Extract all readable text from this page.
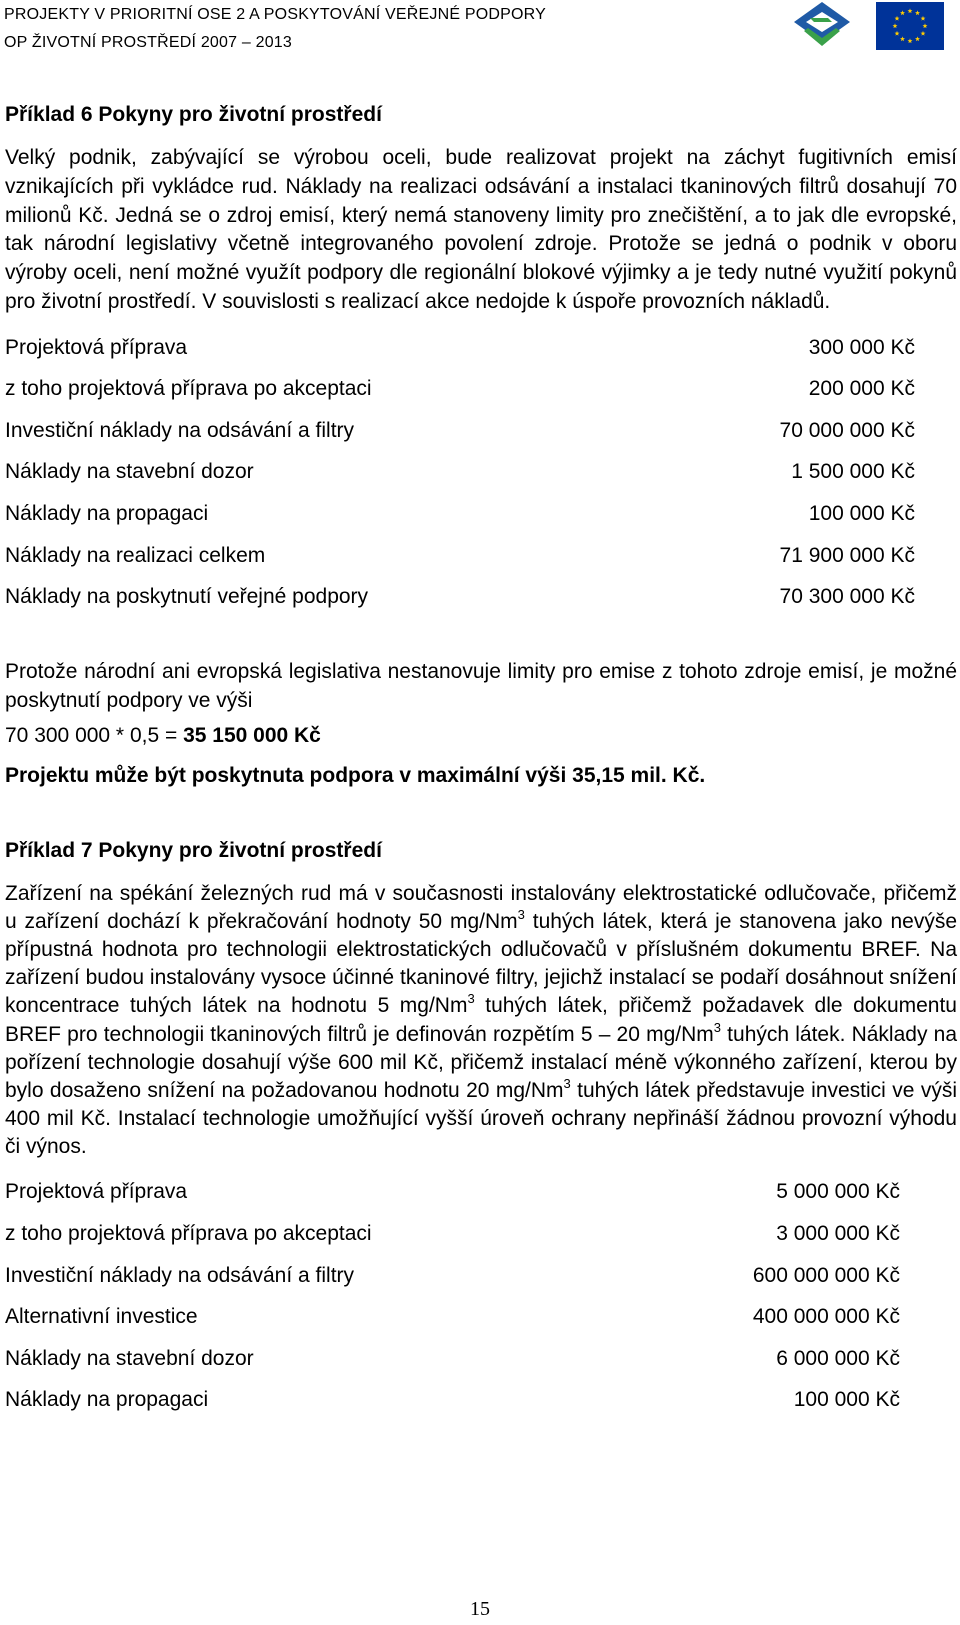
PROJEKTY V PRIORITNÍ OSE 2 A POSKYTOVÁNÍ VEŘEJNÉ PODPORY
OP ŽIVOTNÍ PROSTŘEDÍ 2007 – 2013
Příklad 6 Pokyny pro životní prostředí

Velký podnik, zabývající se výrobou oceli, bude realizovat projekt na záchyt fugitivních emisí vznikajících při vykládce rud. Náklady na realizaci odsávání a instalaci tkaninových filtrů dosahují 70 milionů Kč. Jedná se o zdroj emisí, který nemá stanoveny limity pro znečištění, a to jak dle evropské, tak národní legislativy včetně integrovaného povolení zdroje. Protože se jedná o podnik v oboru výroby oceli, není možné využít podpory dle regionální blokové výjimky a je tedy nutné využití pokynů pro životní prostředí. V souvislosti s realizací akce nedojde k úspoře provozních nákladů.

Projektová příprava	300 000 Kč
z toho projektová příprava po akceptaci	200 000 Kč
Investiční náklady na odsávání a filtry	70 000 000 Kč
Náklady na stavební dozor	1 500 000 Kč
Náklady na propagaci	100 000 Kč
Náklady na realizaci celkem	71 900 000 Kč
Náklady na poskytnutí veřejné podpory	70 300 000 Kč

Protože národní ani evropská legislativa nestanovuje limity pro emise z tohoto zdroje emisí, je možné poskytnutí podpory ve výši

70 300 000 * 0,5 = 35 150 000 Kč

Projektu může být poskytnuta podpora v maximální výši 35,15 mil. Kč.

Příklad 7 Pokyny pro životní prostředí

Zařízení na spékání železných rud má v současnosti instalovány elektrostatické odlučovače, přičemž u zařízení dochází k překračování hodnoty 50 mg/Nm$^3$ tuhých látek, která je stanovena jako nevýše přípustná hodnota pro technologii elektrostatických odlučovačů v příslušném dokumentu BREF. Na zařízení budou instalovány vysoce účinné tkaninové filtry, jejichž instalací se podaří dosáhnout snížení koncentrace tuhých látek na hodnotu 5 mg/Nm$^3$ tuhých látek, přičemž požadavek dle dokumentu BREF pro technologii tkaninových filtrů je definován rozpětím 5 – 20 mg/Nm$^3$ tuhých látek. Náklady na pořízení technologie dosahují výše 600 mil Kč, přičemž instalací méně výkonného zařízení, kterou by bylo dosaženo snížení na požadovanou hodnotu 20 mg/Nm$^3$ tuhých látek představuje investici ve výši 400 mil Kč. Instalací technologie umožňující vyšší úroveň ochrany nepřináší žádnou provozní výhodu či výnos.

Projektová příprava	5 000 000 Kč
z toho projektová příprava po akceptaci	3 000 000 Kč
Investiční náklady na odsávání a filtry	600 000 000 Kč
Alternativní investice	400 000 000 Kč
Náklady na stavební dozor	6 000 000 Kč
Náklady na propagaci	100 000 Kč
15
